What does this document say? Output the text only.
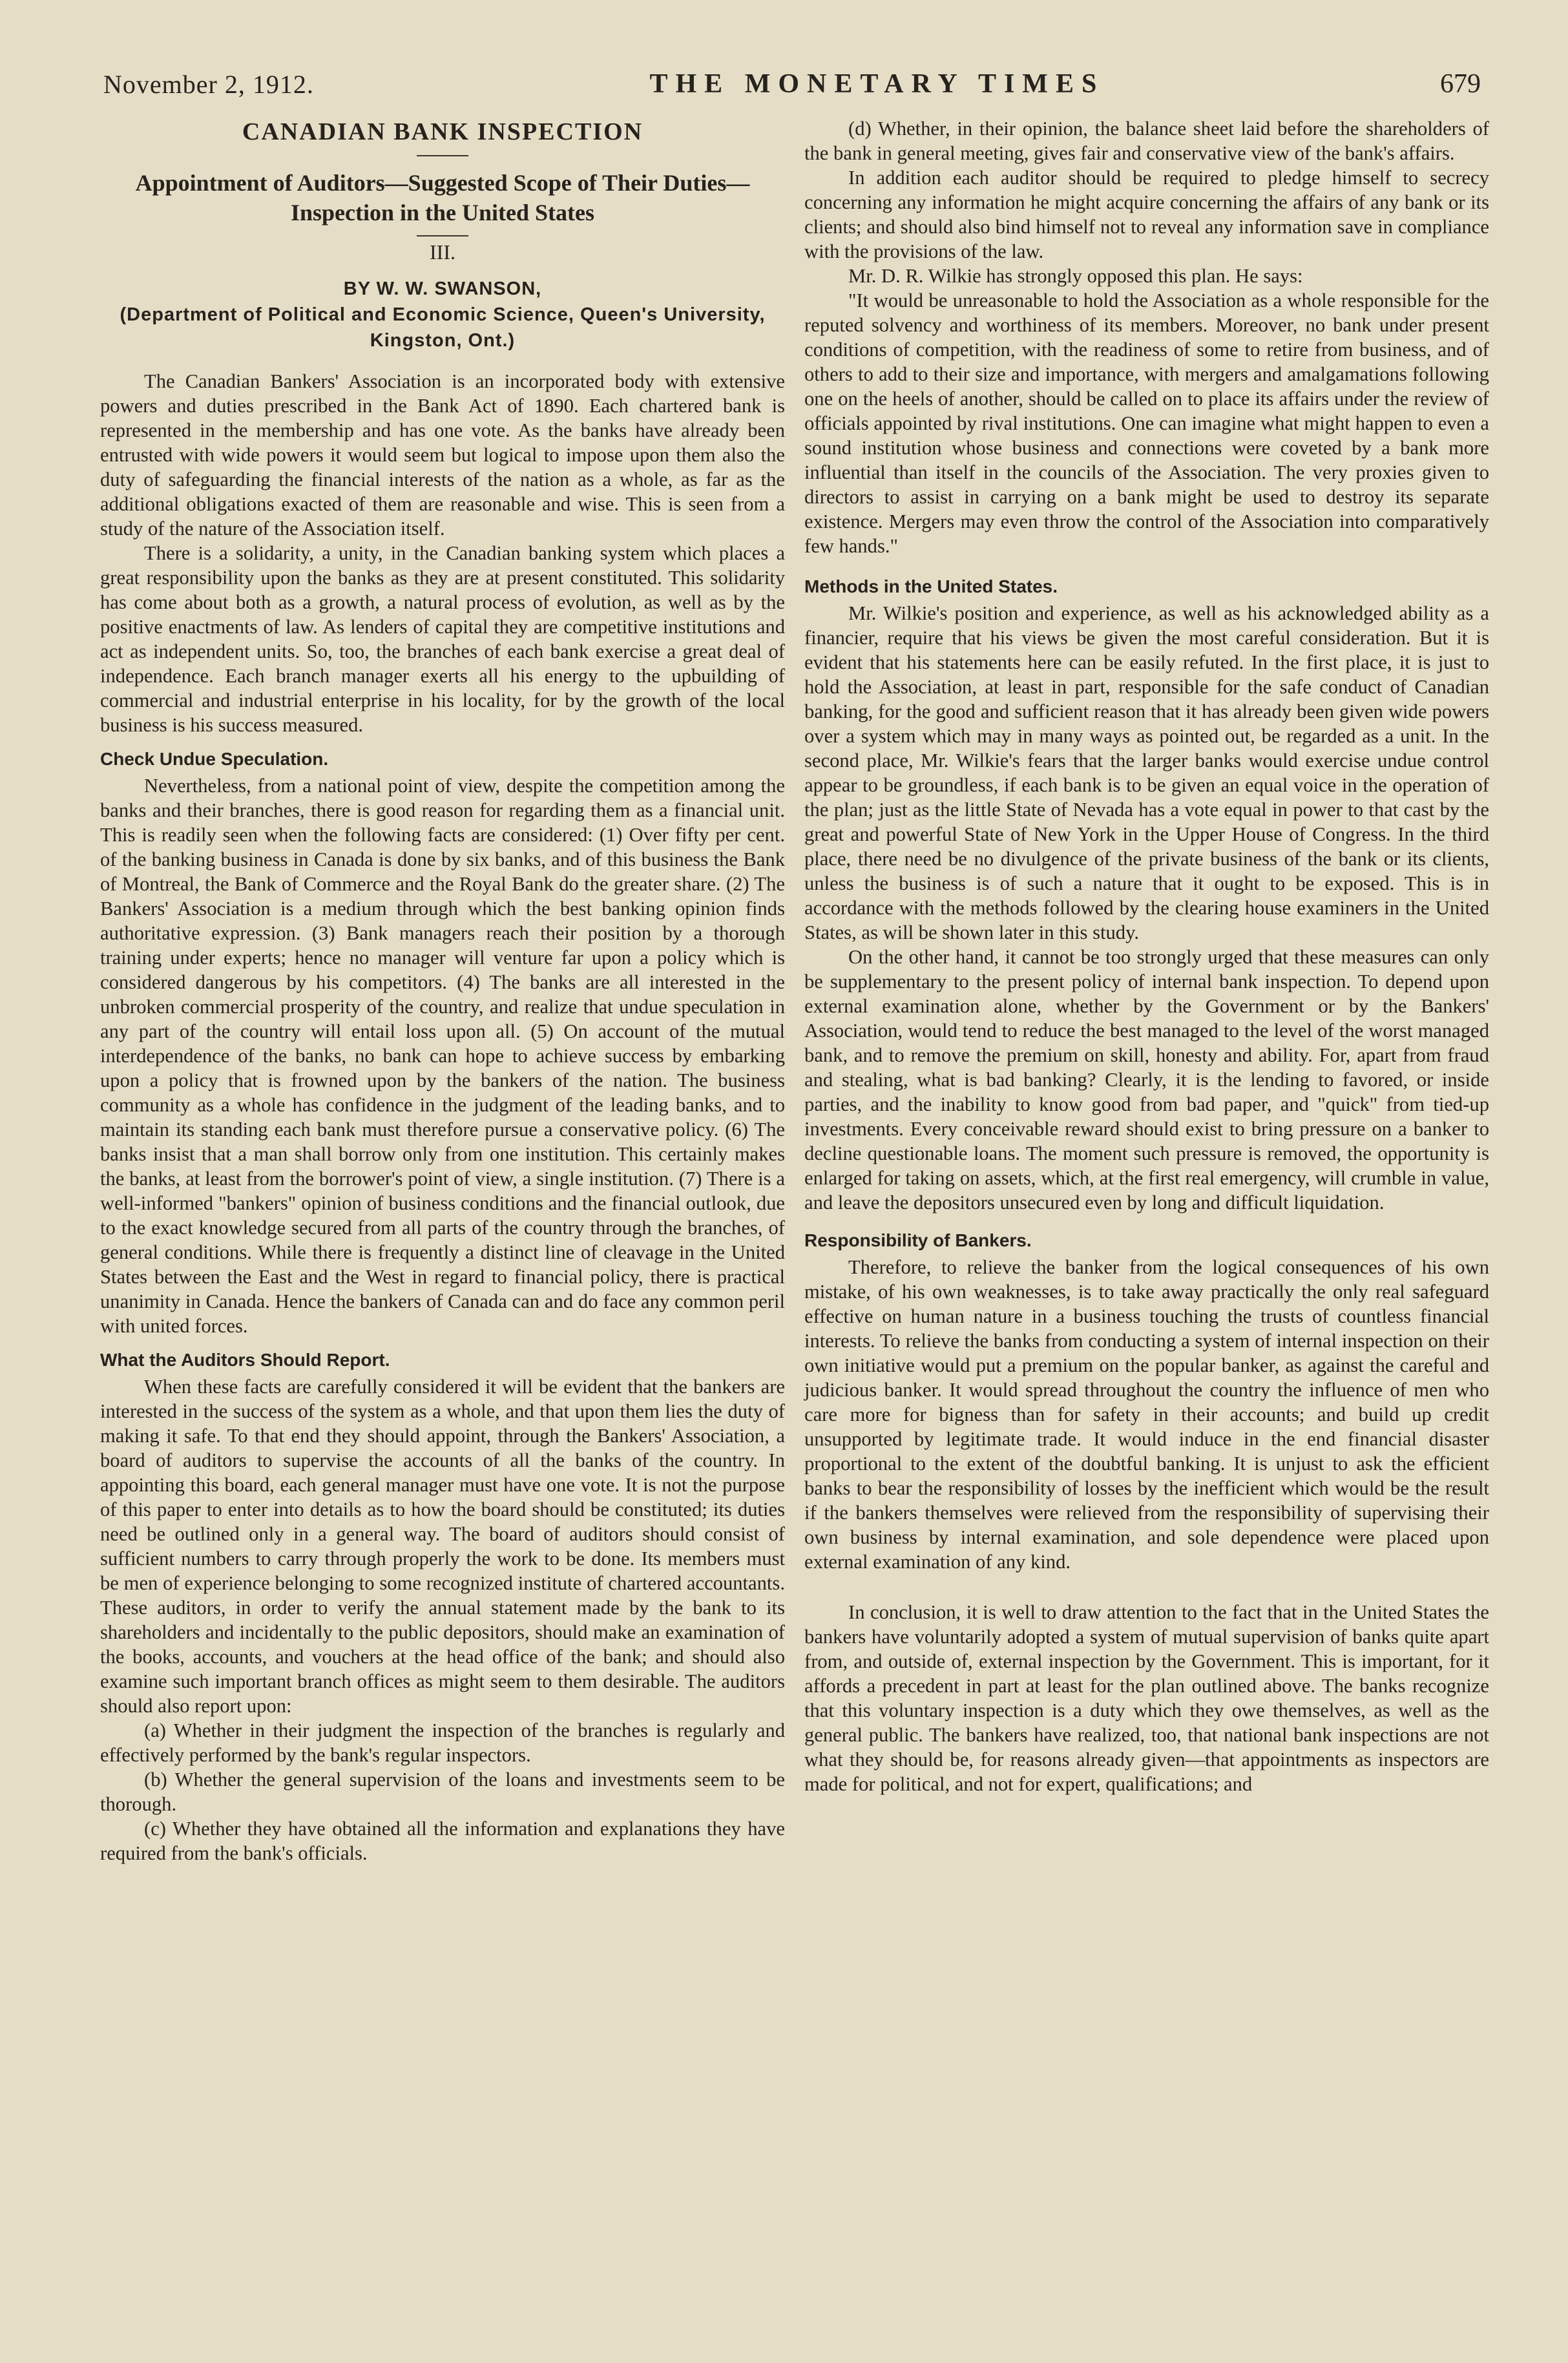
November 2, 1912.	THE MONETARY TIMES	679
CANADIAN BANK INSPECTION
Appointment of Auditors—Suggested Scope of Their Duties—Inspection in the United States
III.
BY W. W. SWANSON,
(Department of Political and Economic Science, Queen's University, Kingston, Ont.)

The Canadian Bankers' Association is an incorporated body with extensive powers and duties prescribed in the Bank Act of 1890. Each chartered bank is represented in the membership and has one vote. As the banks have already been entrusted with wide powers it would seem but logical to impose upon them also the duty of safeguarding the financial interests of the nation as a whole, as far as the additional obligations exacted of them are reasonable and wise. This is seen from a study of the nature of the Association itself.

There is a solidarity, a unity, in the Canadian banking system which places a great responsibility upon the banks as they are at present constituted. This solidarity has come about both as a growth, a natural process of evolution, as well as by the positive enactments of law. As lenders of capital they are competitive institutions and act as independent units. So, too, the branches of each bank exercise a great deal of independence. Each branch manager exerts all his energy to the upbuilding of commercial and industrial enterprise in his locality, for by the growth of the local business is his success measured.

Check Undue Speculation.

Nevertheless, from a national point of view, despite the competition among the banks and their branches, there is good reason for regarding them as a financial unit. This is readily seen when the following facts are considered: (1) Over fifty per cent. of the banking business in Canada is done by six banks, and of this business the Bank of Montreal, the Bank of Commerce and the Royal Bank do the greater share. (2) The Bankers' Association is a medium through which the best banking opinion finds authoritative expression. (3) Bank managers reach their position by a thorough training under experts; hence no manager will venture far upon a policy which is considered dangerous by his competitors. (4) The banks are all interested in the unbroken commercial prosperity of the country, and realize that undue speculation in any part of the country will entail loss upon all. (5) On account of the mutual interdependence of the banks, no bank can hope to achieve success by embarking upon a policy that is frowned upon by the bankers of the nation. The business community as a whole has confidence in the judgment of the leading banks, and to maintain its standing each bank must therefore pursue a conservative policy. (6) The banks insist that a man shall borrow only from one institution. This certainly makes the banks, at least from the borrower's point of view, a single institution. (7) There is a well-informed "bankers" opinion of business conditions and the financial outlook, due to the exact knowledge secured from all parts of the country through the branches, of general conditions. While there is frequently a distinct line of cleavage in the United States between the East and the West in regard to financial policy, there is practical unanimity in Canada. Hence the bankers of Canada can and do face any common peril with united forces.

What the Auditors Should Report.

When these facts are carefully considered it will be evident that the bankers are interested in the success of the system as a whole, and that upon them lies the duty of making it safe. To that end they should appoint, through the Bankers' Association, a board of auditors to supervise the accounts of all the banks of the country. In appointing this board, each general manager must have one vote. It is not the purpose of this paper to enter into details as to how the board should be constituted; its duties need be outlined only in a general way. The board of auditors should consist of sufficient numbers to carry through properly the work to be done. Its members must be men of experience belonging to some recognized institute of chartered accountants. These auditors, in order to verify the annual statement made by the bank to its shareholders and incidentally to the public depositors, should make an examination of the books, accounts, and vouchers at the head office of the bank; and should also examine such important branch offices as might seem to them desirable. The auditors should also report upon:

(a) Whether in their judgment the inspection of the branches is regularly and effectively performed by the bank's regular inspectors.

(b) Whether the general supervision of the loans and investments seem to be thorough.

(c) Whether they have obtained all the information and explanations they have required from the bank's officials.

(d) Whether, in their opinion, the balance sheet laid before the shareholders of the bank in general meeting, gives fair and conservative view of the bank's affairs.

In addition each auditor should be required to pledge himself to secrecy concerning any information he might acquire concerning the affairs of any bank or its clients; and should also bind himself not to reveal any information save in compliance with the provisions of the law.

Mr. D. R. Wilkie has strongly opposed this plan. He says:

"It would be unreasonable to hold the Association as a whole responsible for the reputed solvency and worthiness of its members. Moreover, no bank under present conditions of competition, with the readiness of some to retire from business, and of others to add to their size and importance, with mergers and amalgamations following one on the heels of another, should be called on to place its affairs under the review of officials appointed by rival institutions. One can imagine what might happen to even a sound institution whose business and connections were coveted by a bank more influential than itself in the councils of the Association. The very proxies given to directors to assist in carrying on a bank might be used to destroy its separate existence. Mergers may even throw the control of the Association into comparatively few hands."

Methods in the United States.

Mr. Wilkie's position and experience, as well as his acknowledged ability as a financier, require that his views be given the most careful consideration. But it is evident that his statements here can be easily refuted. In the first place, it is just to hold the Association, at least in part, responsible for the safe conduct of Canadian banking, for the good and sufficient reason that it has already been given wide powers over a system which may in many ways as pointed out, be regarded as a unit. In the second place, Mr. Wilkie's fears that the larger banks would exercise undue control appear to be groundless, if each bank is to be given an equal voice in the operation of the plan; just as the little State of Nevada has a vote equal in power to that cast by the great and powerful State of New York in the Upper House of Congress. In the third place, there need be no divulgence of the private business of the bank or its clients, unless the business is of such a nature that it ought to be exposed. This is in accordance with the methods followed by the clearing house examiners in the United States, as will be shown later in this study.

On the other hand, it cannot be too strongly urged that these measures can only be supplementary to the present policy of internal bank inspection. To depend upon external examination alone, whether by the Government or by the Bankers' Association, would tend to reduce the best managed to the level of the worst managed bank, and to remove the premium on skill, honesty and ability. For, apart from fraud and stealing, what is bad banking? Clearly, it is the lending to favored, or inside parties, and the inability to know good from bad paper, and "quick" from tied-up investments. Every conceivable reward should exist to bring pressure on a banker to decline questionable loans. The moment such pressure is removed, the opportunity is enlarged for taking on assets, which, at the first real emergency, will crumble in value, and leave the depositors unsecured even by long and difficult liquidation.

Responsibility of Bankers.

Therefore, to relieve the banker from the logical consequences of his own mistake, of his own weaknesses, is to take away practically the only real safeguard effective on human nature in a business touching the trusts of countless financial interests. To relieve the banks from conducting a system of internal inspection on their own initiative would put a premium on the popular banker, as against the careful and judicious banker. It would spread throughout the country the influence of men who care more for bigness than for safety in their accounts; and build up credit unsupported by legitimate trade. It would induce in the end financial disaster proportional to the extent of the doubtful banking. It is unjust to ask the efficient banks to bear the responsibility of losses by the inefficient which would be the result if the bankers themselves were relieved from the responsibility of supervising their own business by internal examination, and sole dependence were placed upon external examination of any kind.

In conclusion, it is well to draw attention to the fact that in the United States the bankers have voluntarily adopted a system of mutual supervision of banks quite apart from, and outside of, external inspection by the Government. This is important, for it affords a precedent in part at least for the plan outlined above. The banks recognize that this voluntary inspection is a duty which they owe themselves, as well as the general public. The bankers have realized, too, that national bank inspections are not what they should be, for reasons already given—that appointments as inspectors are made for political, and not for expert, qualifications; and
